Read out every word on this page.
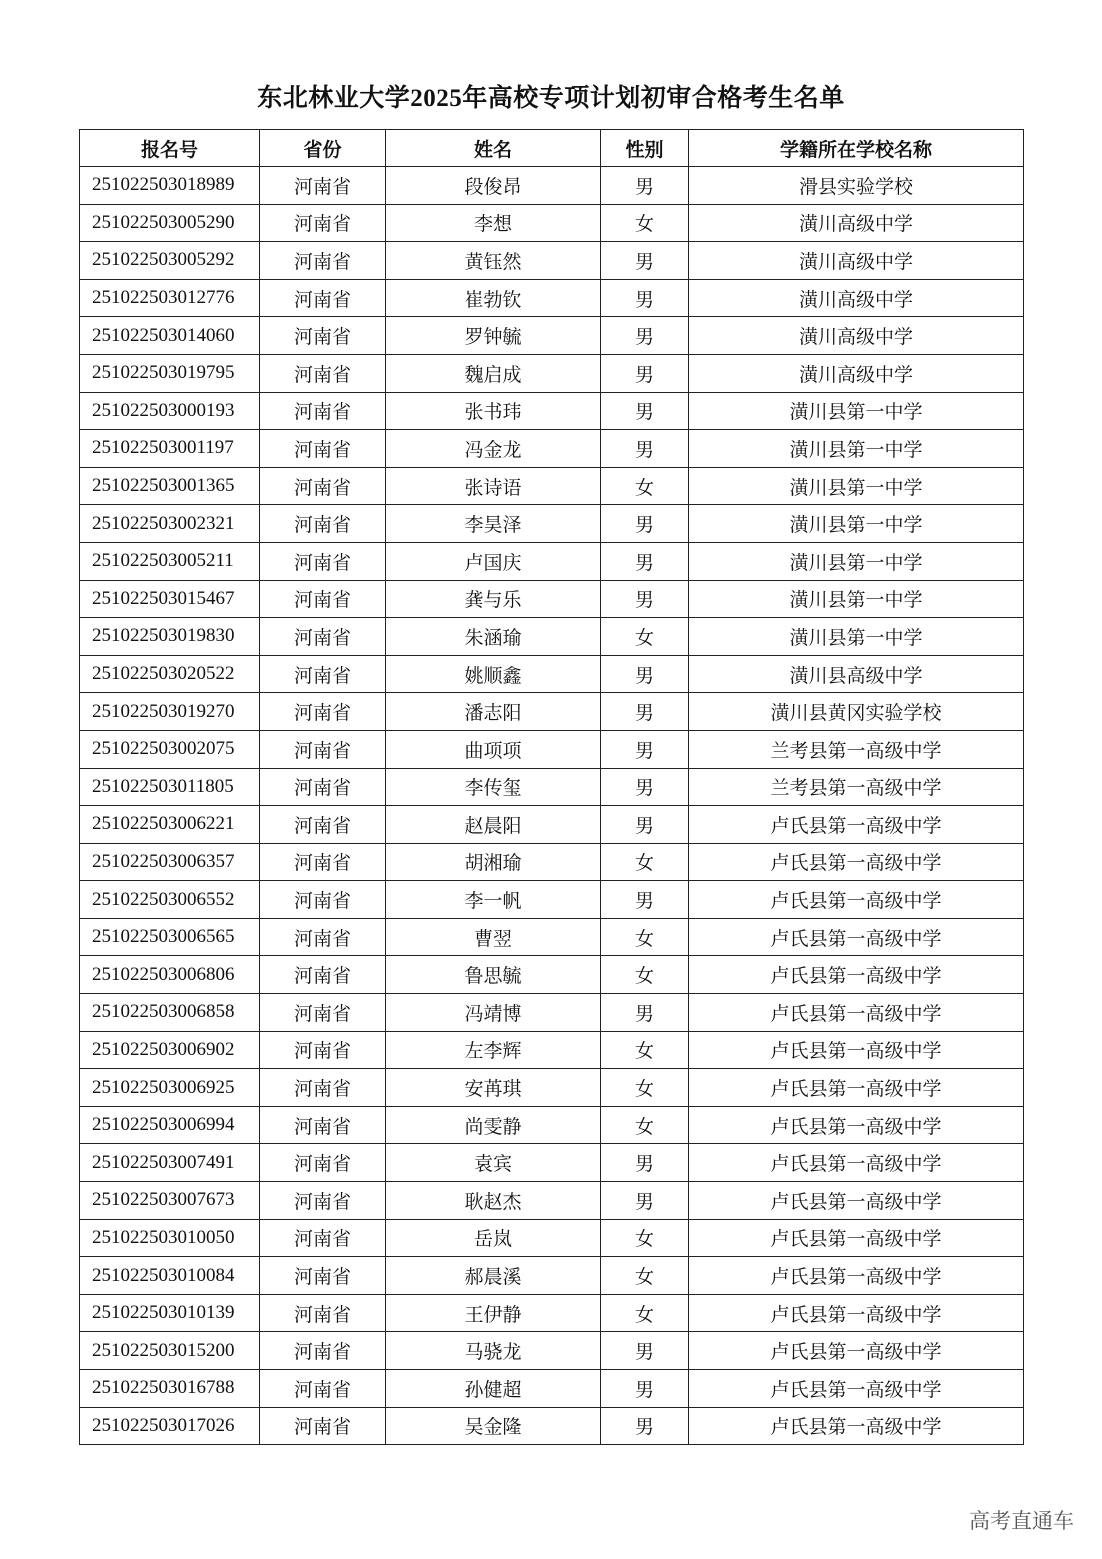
东北林业大学2025年高校专项计划初审合格考生名单
报名号	省份	姓名	性别	学籍所在学校名称
251022503018989	河南省	段俊昂	男	滑县实验学校
251022503005290	河南省	李想	女	潢川高级中学
251022503005292	河南省	黄钰然	男	潢川高级中学
251022503012776	河南省	崔勃钦	男	潢川高级中学
251022503014060	河南省	罗钟毓	男	潢川高级中学
251022503019795	河南省	魏启成	男	潢川高级中学
251022503000193	河南省	张书玮	男	潢川县第一中学
251022503001197	河南省	冯金龙	男	潢川县第一中学
251022503001365	河南省	张诗语	女	潢川县第一中学
251022503002321	河南省	李昊泽	男	潢川县第一中学
251022503005211	河南省	卢国庆	男	潢川县第一中学
251022503015467	河南省	龚与乐	男	潢川县第一中学
251022503019830	河南省	朱涵瑜	女	潢川县第一中学
251022503020522	河南省	姚顺鑫	男	潢川县高级中学
251022503019270	河南省	潘志阳	男	潢川县黄冈实验学校
251022503002075	河南省	曲项项	男	兰考县第一高级中学
251022503011805	河南省	李传玺	男	兰考县第一高级中学
251022503006221	河南省	赵晨阳	男	卢氏县第一高级中学
251022503006357	河南省	胡湘瑜	女	卢氏县第一高级中学
251022503006552	河南省	李一帆	男	卢氏县第一高级中学
251022503006565	河南省	曹翌	女	卢氏县第一高级中学
251022503006806	河南省	鲁思毓	女	卢氏县第一高级中学
251022503006858	河南省	冯靖博	男	卢氏县第一高级中学
251022503006902	河南省	左李辉	女	卢氏县第一高级中学
251022503006925	河南省	安苒琪	女	卢氏县第一高级中学
251022503006994	河南省	尚雯静	女	卢氏县第一高级中学
251022503007491	河南省	袁宾	男	卢氏县第一高级中学
251022503007673	河南省	耿赵杰	男	卢氏县第一高级中学
251022503010050	河南省	岳岚	女	卢氏县第一高级中学
251022503010084	河南省	郝晨溪	女	卢氏县第一高级中学
251022503010139	河南省	王伊静	女	卢氏县第一高级中学
251022503015200	河南省	马骁龙	男	卢氏县第一高级中学
251022503016788	河南省	孙健超	男	卢氏县第一高级中学
251022503017026	河南省	吴金隆	男	卢氏县第一高级中学
高考直通车
